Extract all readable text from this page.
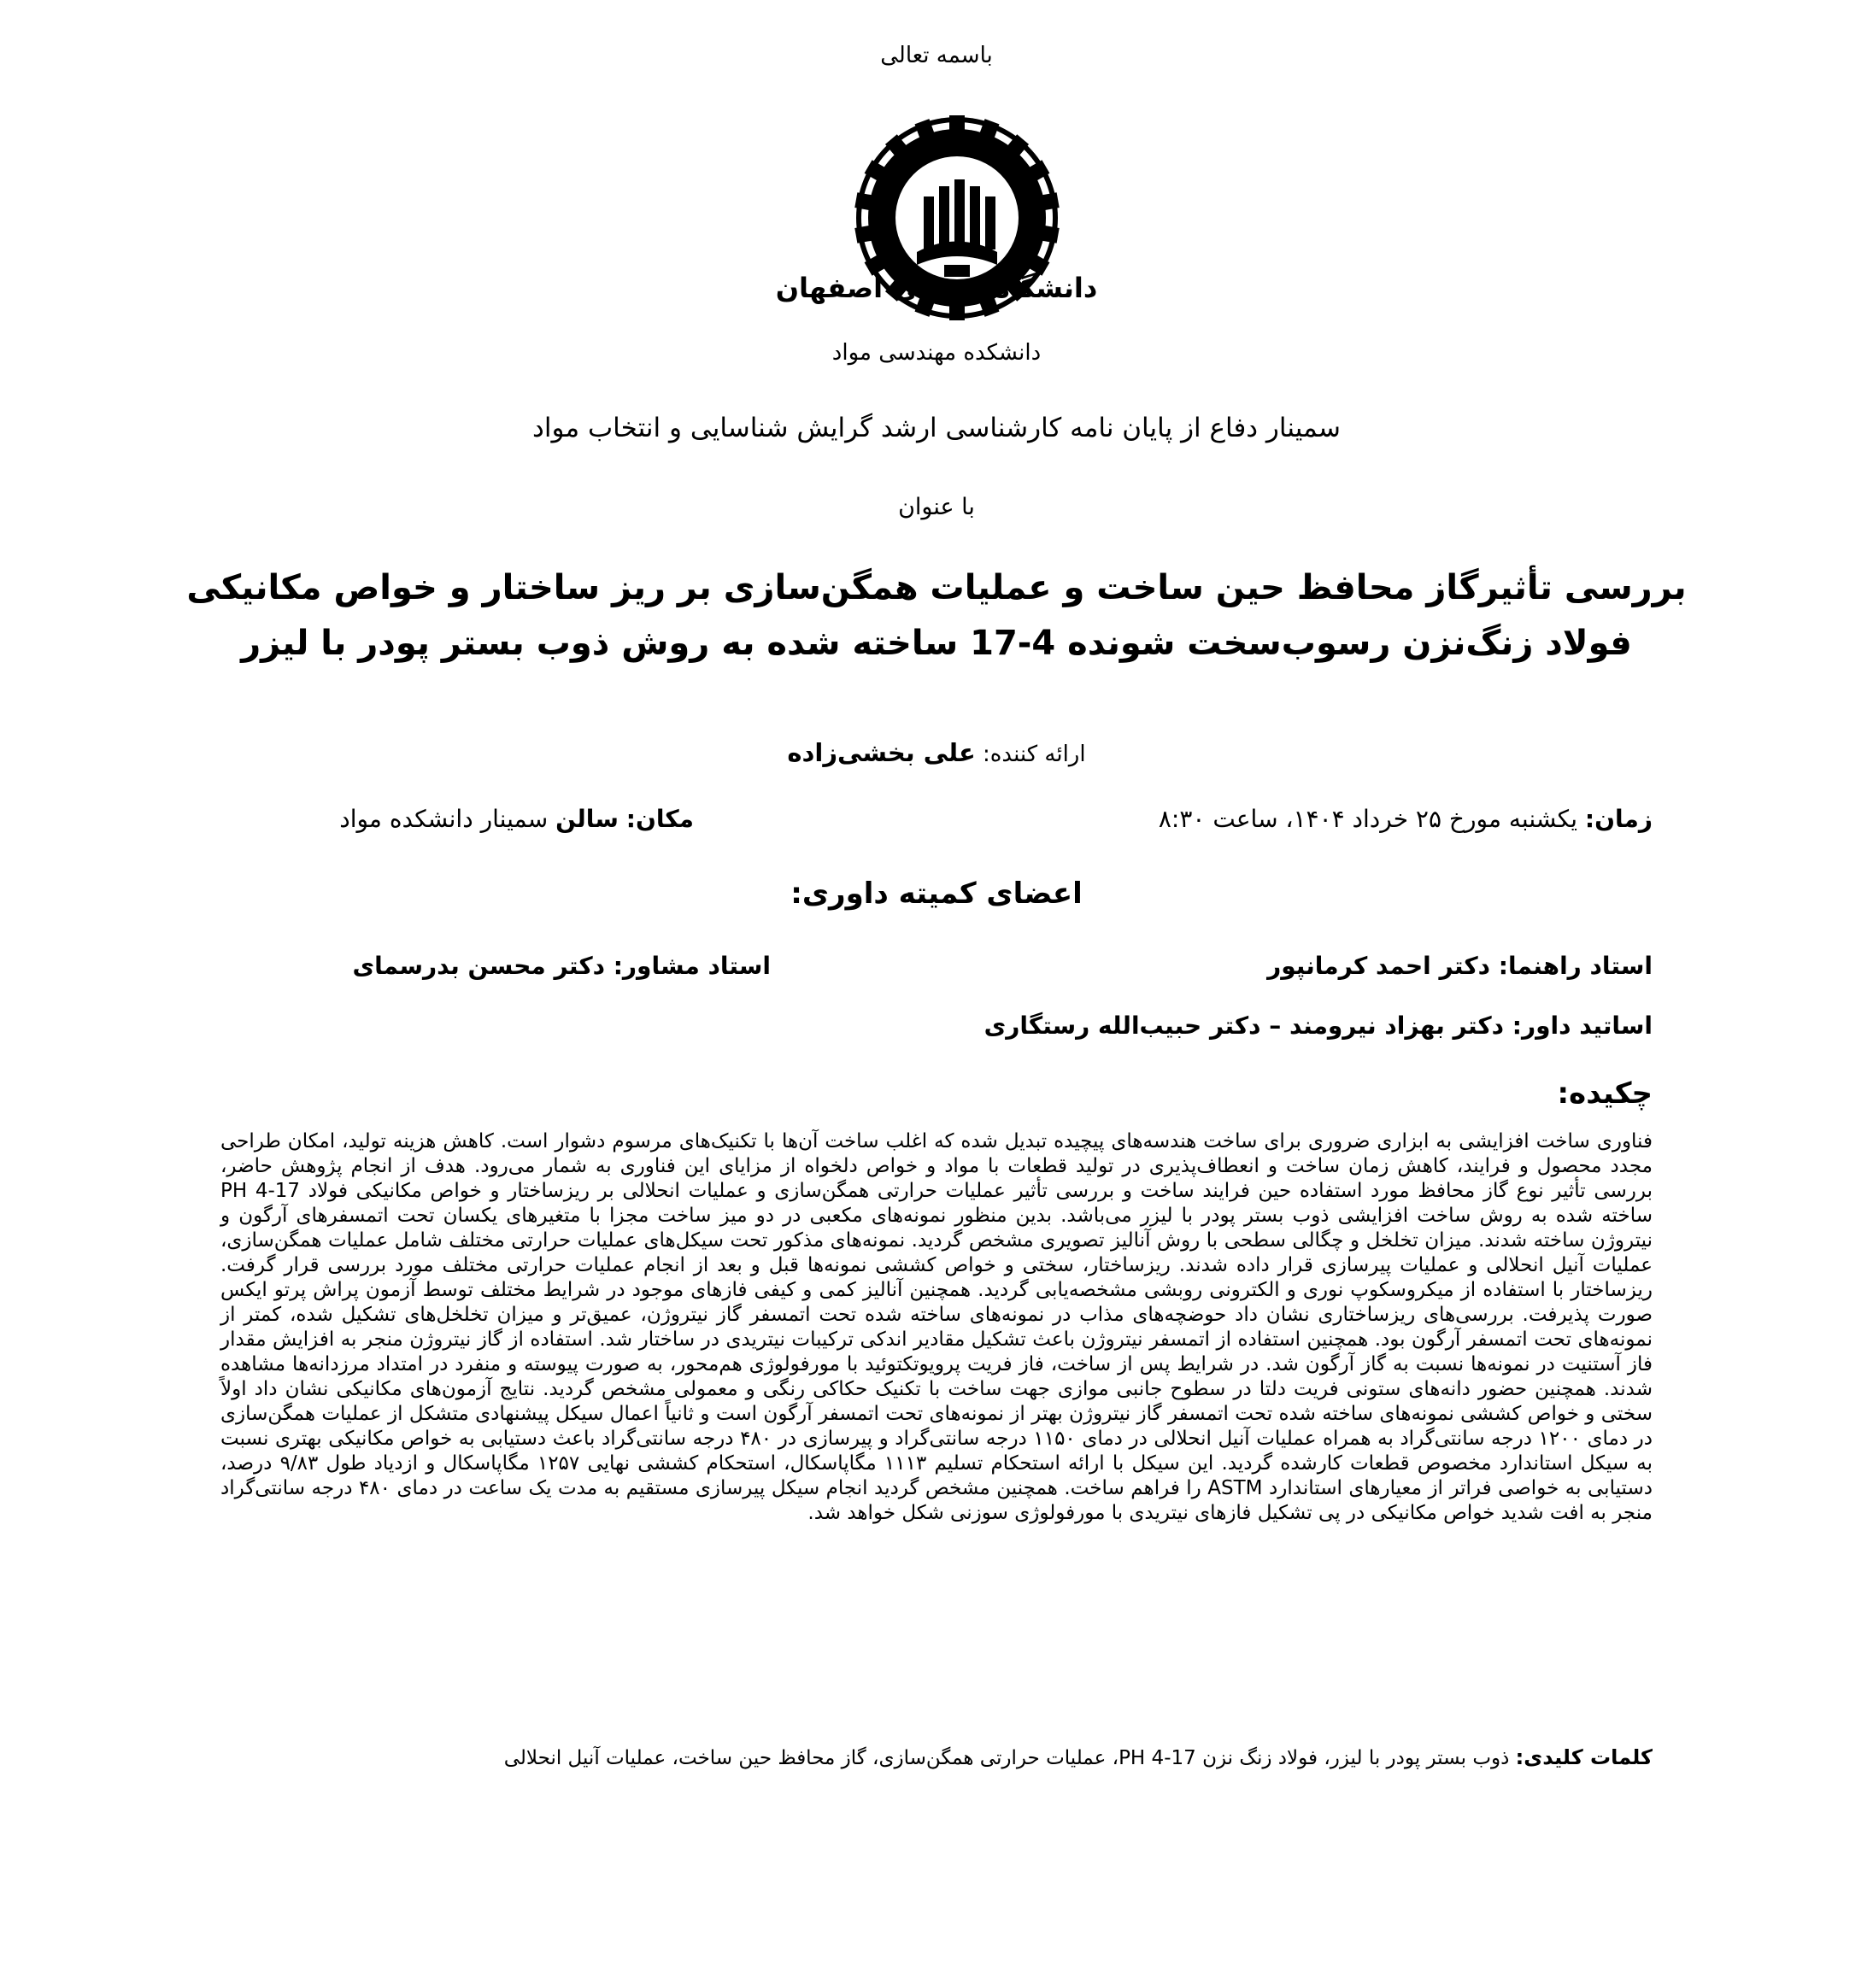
باسمه تعالی
دانشگاه صنعتی اصفهان
دانشکده مهندسی مواد
سمینار دفاع از پایان نامه کارشناسی ارشد گرایش شناسایی و انتخاب مواد
با عنوان
بررسی تأثیرگاز محافظ حین ساخت و عملیات همگن‌سازی بر ریز ساختار و خواص مکانیکی
فولاد زنگ‌نزن رسوب‌سخت شونده 4-17 ساخته شده به روش ذوب بستر پودر با لیزر
ارائه کننده: علی بخشی‌زاده
زمان: یکشنبه مورخ ۲۵ خرداد ۱۴۰۴، ساعت ۸:۳۰
مکان: سالن سمینار دانشکده مواد
اعضای کمیته داوری:
استاد راهنما: دکتر احمد کرمانپور
استاد مشاور: دکتر محسن بدرسمای
اساتید داور: دکتر بهزاد نیرومند – دکتر حبیب‌الله رستگاری
چکیده:

فناوری ساخت افزایشی به ابزاری ضروری برای ساخت هندسه‌های پیچیده تبدیل شده که اغلب ساخت آن‌ها با تکنیک‌های مرسوم دشوار است. کاهش هزینه تولید، امکان طراحی مجدد محصول و فرایند، کاهش زمان ساخت و انعطاف‌پذیری در تولید قطعات با مواد و خواص دلخواه از مزایای این فناوری به شمار می‌رود. هدف از انجام پژوهش حاضر، بررسی تأثیر نوع گاز محافظ مورد استفاده حین فرایند ساخت و بررسی تأثیر عملیات حرارتی همگن‌سازی و عملیات انحلالی بر ریزساختار و خواص مکانیکی فولاد 17-4 PH ساخته شده به روش ساخت افزایشی ذوب بستر پودر با لیزر می‌باشد. بدین منظور نمونه‌های مکعبی در دو میز ساخت مجزا با متغیرهای یکسان تحت اتمسفرهای آرگون و نیتروژن ساخته شدند. میزان تخلخل و چگالی سطحی با روش آنالیز تصویری مشخص گردید. نمونه‌های مذکور تحت سیکل‌های عملیات حرارتی مختلف شامل عملیات همگن‌سازی، عملیات آنیل انحلالی و عملیات پیرسازی قرار داده شدند. ریزساختار، سختی و خواص کششی نمونه‌ها قبل و بعد از انجام عملیات حرارتی مختلف مورد بررسی قرار گرفت. ریزساختار با استفاده از میکروسکوپ نوری و الکترونی روبشی مشخصه‌یابی گردید. همچنین آنالیز کمی و کیفی فازهای موجود در شرایط مختلف توسط آزمون پراش پرتو ایکس صورت پذیرفت. بررسی‌های ریزساختاری نشان داد حوضچه‌های مذاب در نمونه‌های ساخته شده تحت اتمسفر گاز نیتروژن، عمیق‌تر و میزان تخلخل‌های تشکیل شده، کمتر از نمونه‌های تحت اتمسفر آرگون بود. همچنین استفاده از اتمسفر نیتروژن باعث تشکیل مقادیر اندکی ترکیبات نیتریدی در ساختار شد. استفاده از گاز نیتروژن منجر به افزایش مقدار فاز آستنیت در نمونه‌ها نسبت به گاز آرگون شد. در شرایط پس از ساخت، فاز فریت پرویوتکتوئید با مورفولوژی هم‌محور، به صورت پیوسته و منفرد در امتداد مرزدانه‌ها مشاهده شدند. همچنین حضور دانه‌های ستونی فریت دلتا در سطوح جانبی موازی جهت ساخت با تکنیک حکاکی رنگی و معمولی مشخص گردید. نتایج آزمون‌های مکانیکی نشان داد اولاً سختی و خواص کششی نمونه‌های ساخته شده تحت اتمسفر گاز نیتروژن بهتر از نمونه‌های تحت اتمسفر آرگون است و ثانیاً اعمال سیکل پیشنهادی متشکل از عملیات همگن‌سازی در دمای ۱۲۰۰ درجه سانتی‌گراد به همراه عملیات آنیل انحلالی در دمای ۱۱۵۰ درجه سانتی‌گراد و پیرسازی در ۴۸۰ درجه سانتی‌گراد باعث دستیابی به خواص مکانیکی بهتری نسبت به سیکل استاندارد مخصوص قطعات کارشده گردید. این سیکل با ارائه استحکام تسلیم ۱۱۱۳ مگاپاسکال، استحکام کششی نهایی ۱۲۵۷ مگاپاسکال و ازدیاد طول ۹/۸۳ درصد، دستیابی به خواصی فراتر از معیارهای استاندارد ASTM را فراهم ساخت. همچنین مشخص گردید انجام سیکل پیرسازی مستقیم به مدت یک ساعت در دمای ۴۸۰ درجه سانتی‌گراد منجر به افت شدید خواص مکانیکی در پی تشکیل فازهای نیتریدی با مورفولوژی سوزنی شکل خواهد شد.

کلمات کلیدی: ذوب بستر پودر با لیزر، فولاد زنگ نزن 17-4 PH، عملیات حرارتی همگن‌سازی، گاز محافظ حین ساخت، عملیات آنیل انحلالی
